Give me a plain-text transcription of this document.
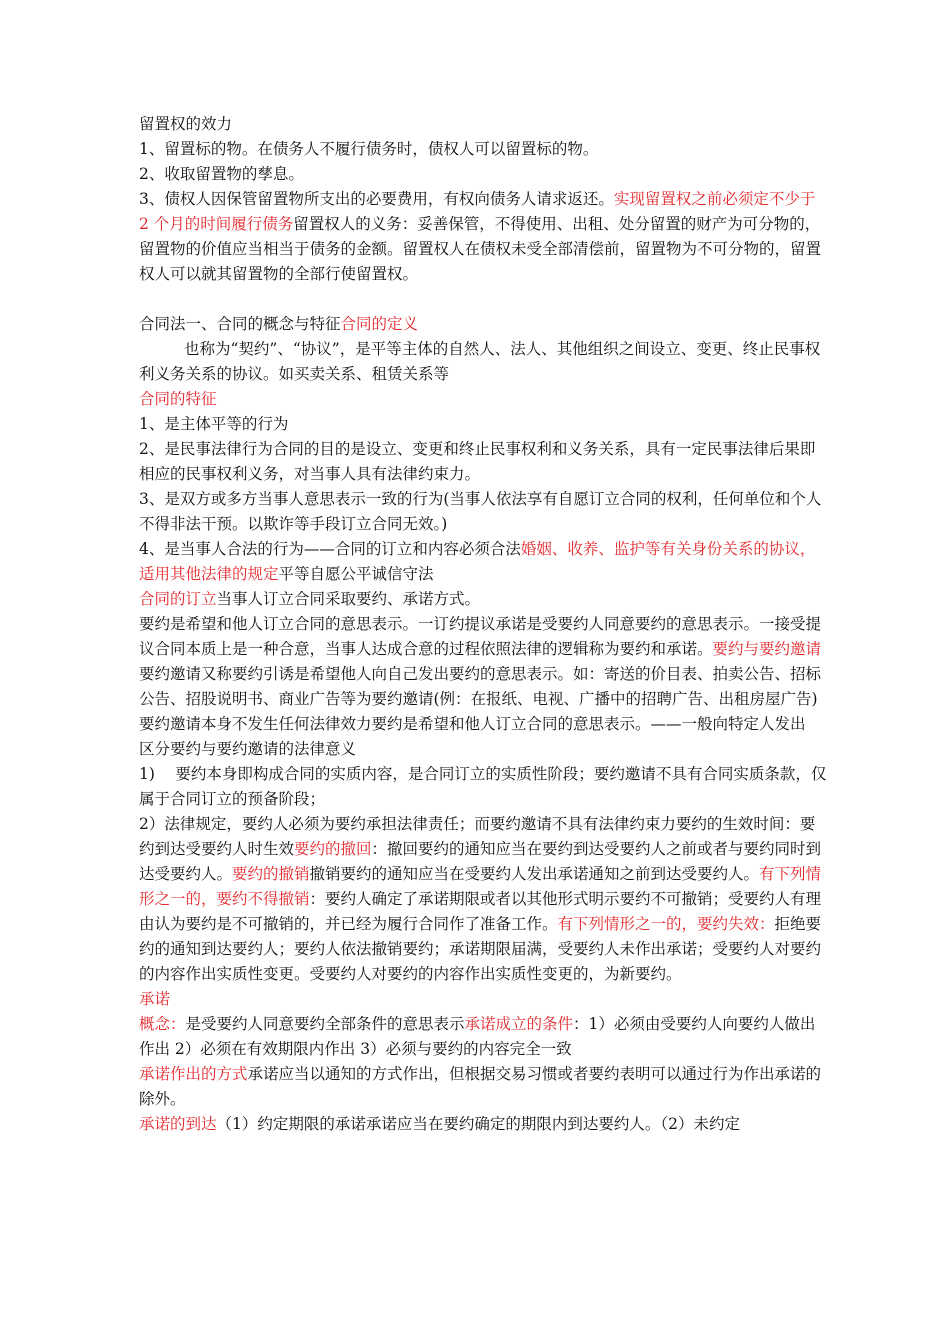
留置权的效力

1、留置标的物。在债务人不履行债务时，债权人可以留置标的物。

2、收取留置物的孳息。

3、债权人因保管留置物所支出的必要费用，有权向债务人请求返还。实现留置权之前必须定不少于 2 个月的时间履行债务留置权人的义务：妥善保管，不得使用、出租、处分留置的财产为可分物的，留置物的价值应当相当于债务的金额。留置权人在债权未受全部清偿前，留置物为不可分物的，留置权人可以就其留置物的全部行使留置权。

合同法一、合同的概念与特征合同的定义

也称为“契约”、“协议”，是平等主体的自然人、法人、其他组织之间设立、变更、终止民事权利义务关系的协议。如买卖关系、租赁关系等

合同的特征

1、是主体平等的行为

2、是民事法律行为合同的目的是设立、变更和终止民事权利和义务关系，具有一定民事法律后果即相应的民事权利义务，对当事人具有法律约束力。

3、是双方或多方当事人意思表示一致的行为(当事人依法享有自愿订立合同的权利，任何单位和个人不得非法干预。以欺诈等手段订立合同无效。)

4、是当事人合法的行为——合同的订立和内容必须合法婚姻、收养、监护等有关身份关系的协议，适用其他法律的规定平等自愿公平诚信守法

合同的订立当事人订立合同采取要约、承诺方式。

要约是希望和他人订立合同的意思表示。一订约提议承诺是受要约人同意要约的意思表示。一接受提议合同本质上是一种合意，当事人达成合意的过程依照法律的逻辑称为要约和承诺。要约与要约邀请

要约邀请又称要约引诱是希望他人向自己发出要约的意思表示。如：寄送的价目表、拍卖公告、招标公告、招股说明书、商业广告等为要约邀请(例：在报纸、电视、广播中的招聘广告、出租房屋广告)要约邀请本身不发生任何法律效力要约是希望和他人订立合同的意思表示。——一般向特定人发出

区分要约与要约邀请的法律意义

1)　 要约本身即构成合同的实质内容，是合同订立的实质性阶段；要约邀请不具有合同实质条款，仅属于合同订立的预备阶段；

2）法律规定，要约人必须为要约承担法律责任；而要约邀请不具有法律约束力要约的生效时间：要约到达受要约人时生效要约的撤回：撤回要约的通知应当在要约到达受要约人之前或者与要约同时到达受要约人。要约的撤销撤销要约的通知应当在受要约人发出承诺通知之前到达受要约人。有下列情形之一的，要约不得撤销：要约人确定了承诺期限或者以其他形式明示要约不可撤销；受要约人有理由认为要约是不可撤销的，并已经为履行合同作了准备工作。有下列情形之一的，要约失效：拒绝要约的通知到达要约人；要约人依法撤销要约；承诺期限届满，受要约人未作出承诺；受要约人对要约的内容作出实质性变更。受要约人对要约的内容作出实质性变更的，为新要约。

承诺

概念：是受要约人同意要约全部条件的意思表示承诺成立的条件：1）必须由受要约人向要约人做出作出 2）必须在有效期限内作出 3）必须与要约的内容完全一致

承诺作出的方式承诺应当以通知的方式作出，但根据交易习惯或者要约表明可以通过行为作出承诺的除外。

承诺的到达（1）约定期限的承诺承诺应当在要约确定的期限内到达要约人。（2）未约定
